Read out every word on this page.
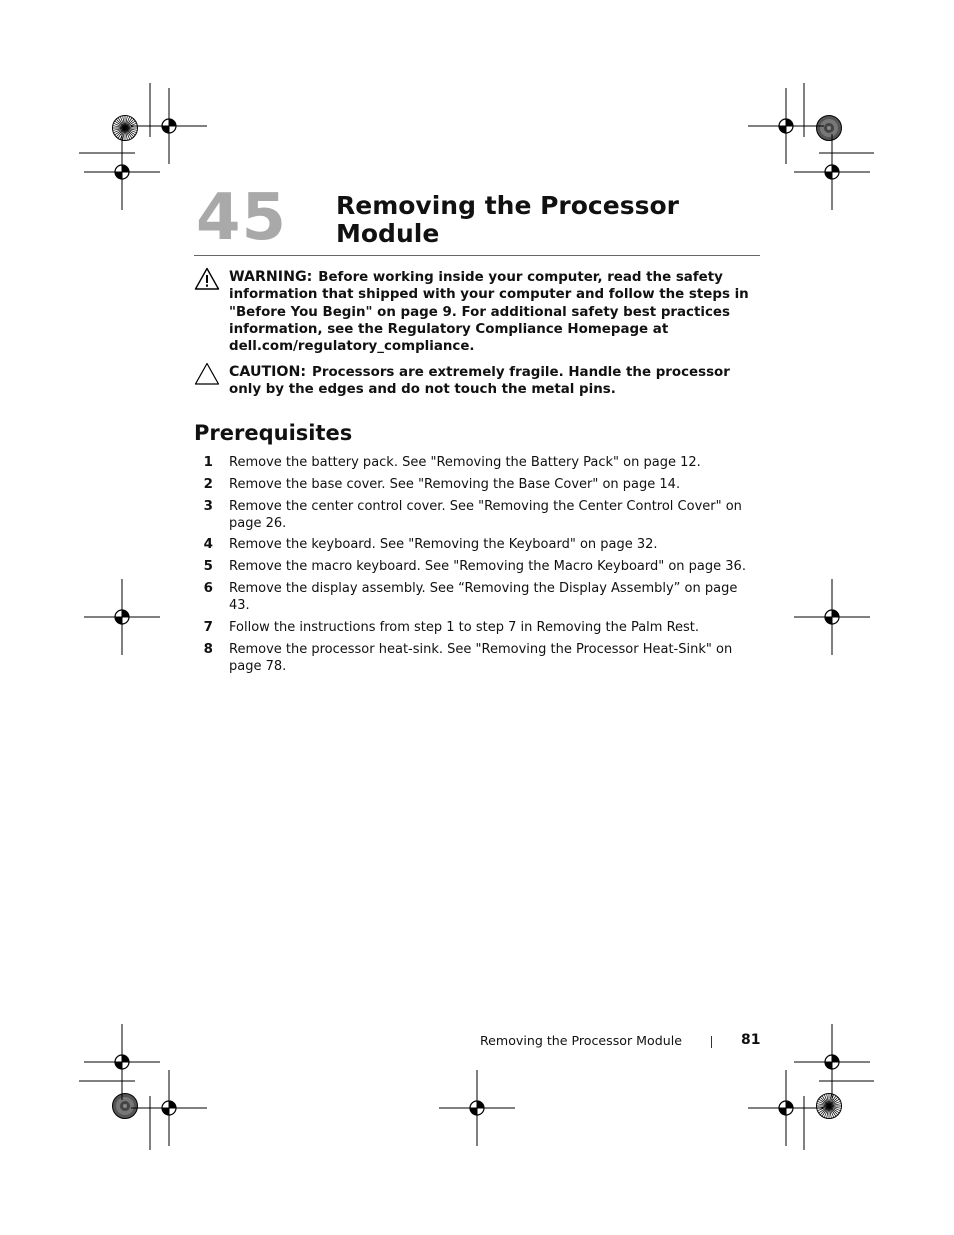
45 Removing the Processor
Module
WARNING: Before working inside your computer, read the safety information that shipped with your computer and follow the steps in "Before You Begin" on page 9. For additional safety best practices information, see the Regulatory Compliance Homepage at dell.com/regulatory_compliance.
CAUTION: Processors are extremely fragile. Handle the processor only by the edges and do not touch the metal pins.
Prerequisites
1 Remove the battery pack. See "Removing the Battery Pack" on page 12.
2 Remove the base cover. See "Removing the Base Cover" on page 14.
3 Remove the center control cover. See "Removing the Center Control Cover" on page 26.
4 Remove the keyboard. See "Removing the Keyboard" on page 32.
5 Remove the macro keyboard. See "Removing the Macro Keyboard" on page 36.
6 Remove the display assembly. See “Removing the Display Assembly” on page 43.
7 Follow the instructions from step 1 to step 7 in Removing the Palm Rest.
8 Remove the processor heat-sink. See "Removing the Processor Heat-Sink" on page 78.
Removing the Processor Module	81
